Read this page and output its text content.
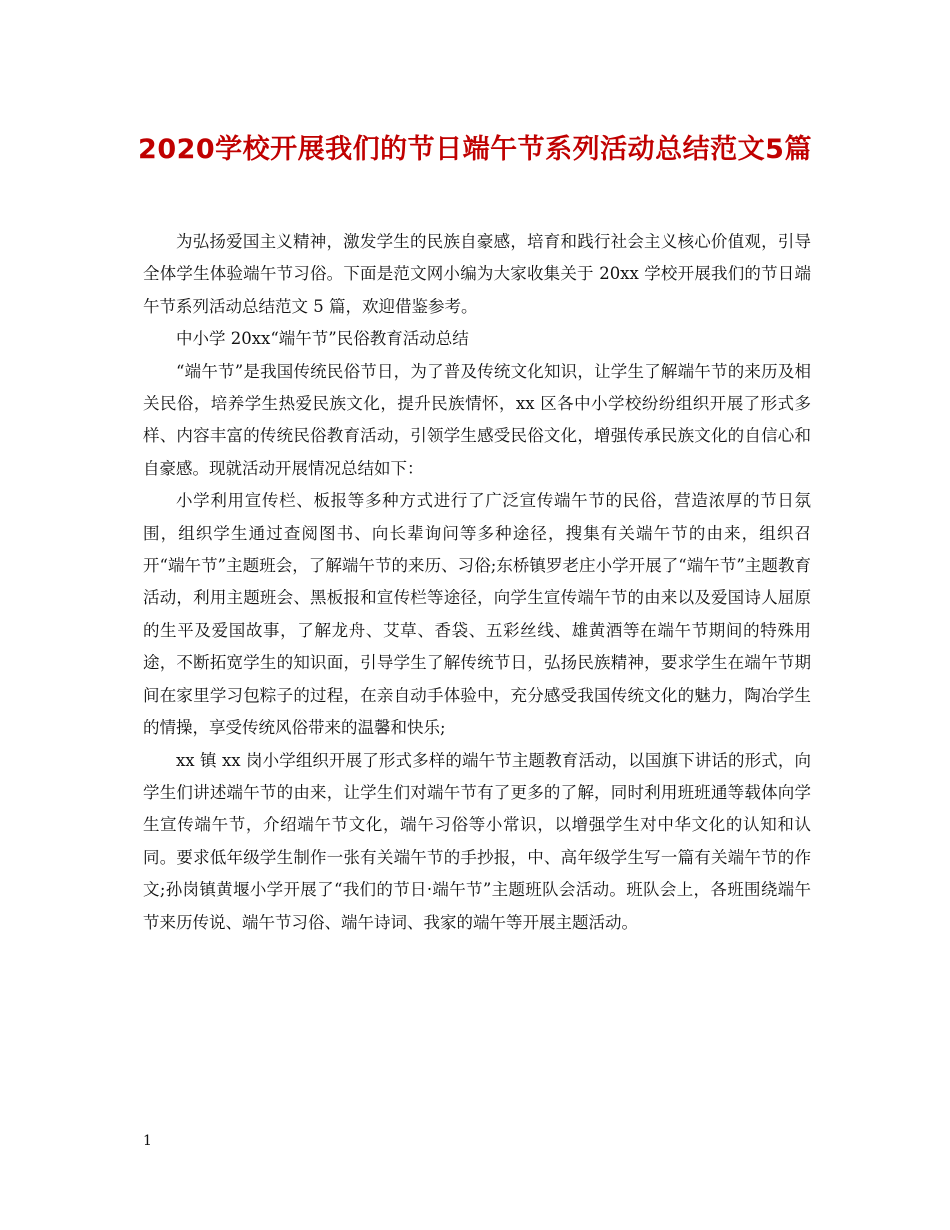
2020学校开展我们的节日端午节系列活动总结范文5篇

为弘扬爱国主义精神，激发学生的民族自豪感，培育和践行社会主义核心价值观，引导全体学生体验端午节习俗。下面是范文网小编为大家收集关于 20xx 学校开展我们的节日端午节系列活动总结范文 5 篇，欢迎借鉴参考。

中小学 20xx“端午节”民俗教育活动总结

“端午节”是我国传统民俗节日，为了普及传统文化知识，让学生了解端午节的来历及相关民俗，培养学生热爱民族文化，提升民族情怀，xx 区各中小学校纷纷组织开展了形式多样、内容丰富的传统民俗教育活动，引领学生感受民俗文化，增强传承民族文化的自信心和自豪感。现就活动开展情况总结如下：

小学利用宣传栏、板报等多种方式进行了广泛宣传端午节的民俗，营造浓厚的节日氛围，组织学生通过查阅图书、向长辈询问等多种途径，搜集有关端午节的由来，组织召开“端午节”主题班会，了解端午节的来历、习俗;东桥镇罗老庄小学开展了“端午节”主题教育活动，利用主题班会、黑板报和宣传栏等途径，向学生宣传端午节的由来以及爱国诗人屈原的生平及爱国故事，了解龙舟、艾草、香袋、五彩丝线、雄黄酒等在端午节期间的特殊用途，不断拓宽学生的知识面，引导学生了解传统节日，弘扬民族精神，要求学生在端午节期间在家里学习包粽子的过程，在亲自动手体验中，充分感受我国传统文化的魅力，陶冶学生的情操，享受传统风俗带来的温馨和快乐;

xx 镇 xx 岗小学组织开展了形式多样的端午节主题教育活动，以国旗下讲话的形式，向学生们讲述端午节的由来，让学生们对端午节有了更多的了解，同时利用班班通等载体向学生宣传端午节，介绍端午节文化，端午习俗等小常识，以增强学生对中华文化的认知和认同。要求低年级学生制作一张有关端午节的手抄报，中、高年级学生写一篇有关端午节的作文;孙岗镇黄堰小学开展了“我们的节日·端午节”主题班队会活动。班队会上，各班围绕端午节来历传说、端午节习俗、端午诗词、我家的端午等开展主题活动。

1
